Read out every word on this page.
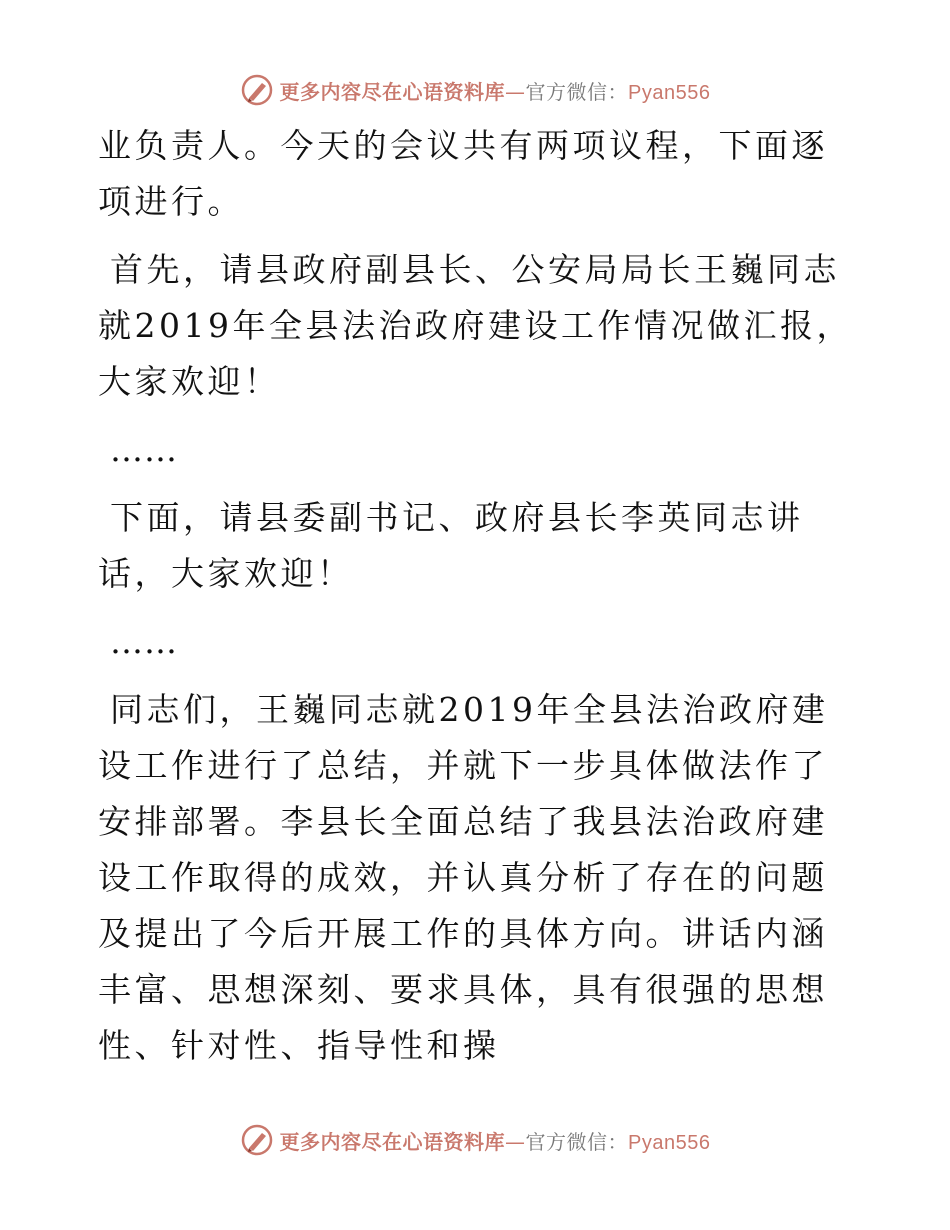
更多内容尽在心语资料库—官方微信：Pyan556

业负责人。今天的会议共有两项议程，下面逐项进行。

首先，请县政府副县长、公安局局长王巍同志就2019年全县法治政府建设工作情况做汇报，大家欢迎！

……

下面，请县委副书记、政府县长李英同志讲话，大家欢迎！

……

同志们，王巍同志就2019年全县法治政府建设工作进行了总结，并就下一步具体做法作了安排部署。李县长全面总结了我县法治政府建设工作取得的成效，并认真分析了存在的问题及提出了今后开展工作的具体方向。讲话内涵丰富、思想深刻、要求具体，具有很强的思想性、针对性、指导性和操

更多内容尽在心语资料库—官方微信：Pyan556
